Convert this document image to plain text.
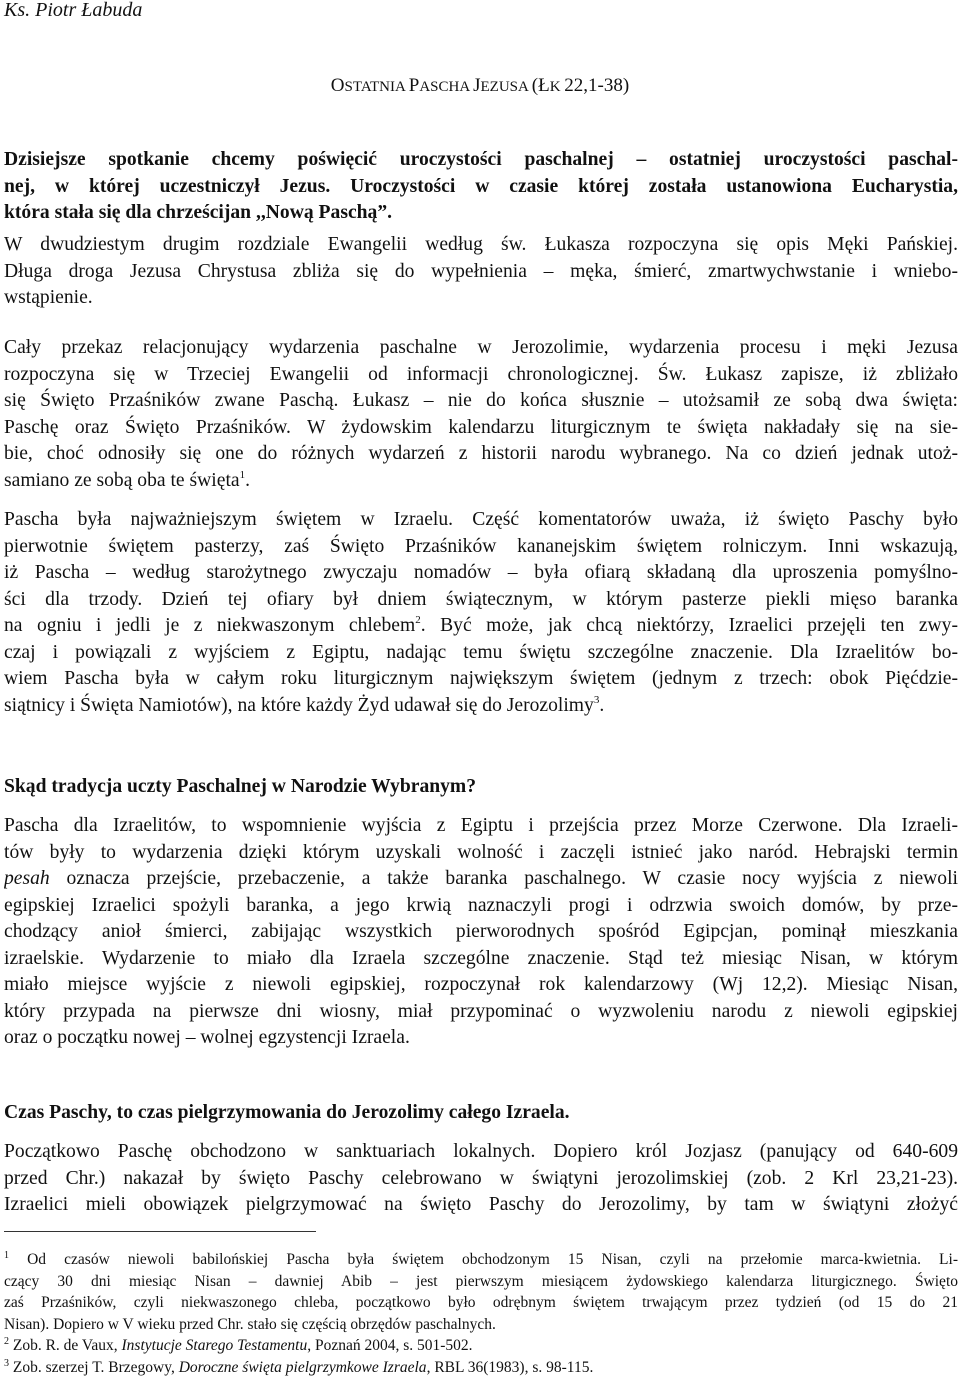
Ks. Piotr Łabuda
OSTATNIA PASCHA JEZUSA (ŁK 22,1-38)
Dzisiejsze spotkanie chcemy poświęcić uroczystości paschalnej – ostatniej uroczystości paschal-
nej, w której uczestniczył Jezus. Uroczystości w czasie której została ustanowiona Eucharystia,
która stała się dla chrześcijan ,,Nową Paschą”.
W dwudziestym drugim rozdziale Ewangelii według św. Łukasza rozpoczyna się opis Męki Pańskiej.
Długa droga Jezusa Chrystusa zbliża się do wypełnienia – męka, śmierć, zmartwychwstanie i wniebo-
wstąpienie.
Cały przekaz relacjonujący wydarzenia paschalne w Jerozolimie, wydarzenia procesu i męki Jezusa
rozpoczyna się w Trzeciej Ewangelii od informacji chronologicznej. Św. Łukasz zapisze, iż zbliżało
się Święto Przaśników zwane Paschą. Łukasz – nie do końca słusznie – utożsamił ze sobą dwa święta:
Paschę oraz Święto Przaśników. W żydowskim kalendarzu liturgicznym te święta nakładały się na sie-
bie, choć odnosiły się one do różnych wydarzeń z historii narodu wybranego. Na co dzień jednak utoż-
samiano ze sobą oba te święta$^1$.
Pascha była najważniejszym świętem w Izraelu. Część komentatorów uważa, iż święto Paschy było
pierwotnie świętem pasterzy, zaś Święto Przaśników kananejskim świętem rolniczym. Inni wskazują,
iż Pascha – według starożytnego zwyczaju nomadów – była ofiarą składaną dla uproszenia pomyślno-
ści dla trzody. Dzień tej ofiary był dniem świątecznym, w którym pasterze piekli mięso baranka
na ogniu i jedli je z niekwaszonym chlebem$^2$. Być może, jak chcą niektórzy, Izraelici przejęli ten zwy-
czaj i powiązali z wyjściem z Egiptu, nadając temu świętu szczególne znaczenie. Dla Izraelitów bo-
wiem Pascha była w całym roku liturgicznym największym świętem (jednym z trzech: obok Pięćdzie-
siątnicy i Święta Namiotów), na które każdy Żyd udawał się do Jerozolimy$^3$.
Skąd tradycja uczty Paschalnej w Narodzie Wybranym?
Pascha dla Izraelitów, to wspomnienie wyjścia z Egiptu i przejścia przez Morze Czerwone. Dla Izraeli-
tów były to wydarzenia dzięki którym uzyskali wolność i zaczęli istnieć jako naród. Hebrajski termin
pesah oznacza przejście, przebaczenie, a także baranka paschalnego. W czasie nocy wyjścia z niewoli
egipskiej Izraelici spożyli baranka, a jego krwią naznaczyli progi i odrzwia swoich domów, by prze-
chodzący anioł śmierci, zabijając wszystkich pierworodnych spośród Egipcjan, pominął mieszkania
izraelskie. Wydarzenie to miało dla Izraela szczególne znaczenie. Stąd też miesiąc Nisan, w którym
miało miejsce wyjście z niewoli egipskiej, rozpoczynał rok kalendarzowy (Wj 12,2). Miesiąc Nisan,
który przypada na pierwsze dni wiosny, miał przypominać o wyzwoleniu narodu z niewoli egipskiej
oraz o początku nowej – wolnej egzystencji Izraela.
Czas Paschy, to czas pielgrzymowania do Jerozolimy całego Izraela.
Początkowo Paschę obchodzono w sanktuariach lokalnych. Dopiero król Jozjasz (panujący od 640-609
przed Chr.) nakazał by święto Paschy celebrowano w świątyni jerozolimskiej (zob. 2 Krl 23,21-23).
Izraelici mieli obowiązek pielgrzymować na święto Paschy do Jerozolimy, by tam w świątyni złożyć
$^1$ Od czasów niewoli babilońskiej Pascha była świętem obchodzonym 15 Nisan, czyli na przełomie marca-kwietnia. Li-
czący 30 dni miesiąc Nisan – dawniej Abib – jest pierwszym miesiącem żydowskiego kalendarza liturgicznego. Święto
zaś Przaśników, czyli niekwaszonego chleba, początkowo było odrębnym świętem trwającym przez tydzień (od 15 do 21
Nisan). Dopiero w V wieku przed Chr. stało się częścią obrzędów paschalnych.
$^2$ Zob. R. de Vaux, Instytucje Starego Testamentu, Poznań 2004, s. 501-502.
$^3$ Zob. szerzej T. Brzegowy, Doroczne święta pielgrzymkowe Izraela, RBL 36(1983), s. 98-115.
